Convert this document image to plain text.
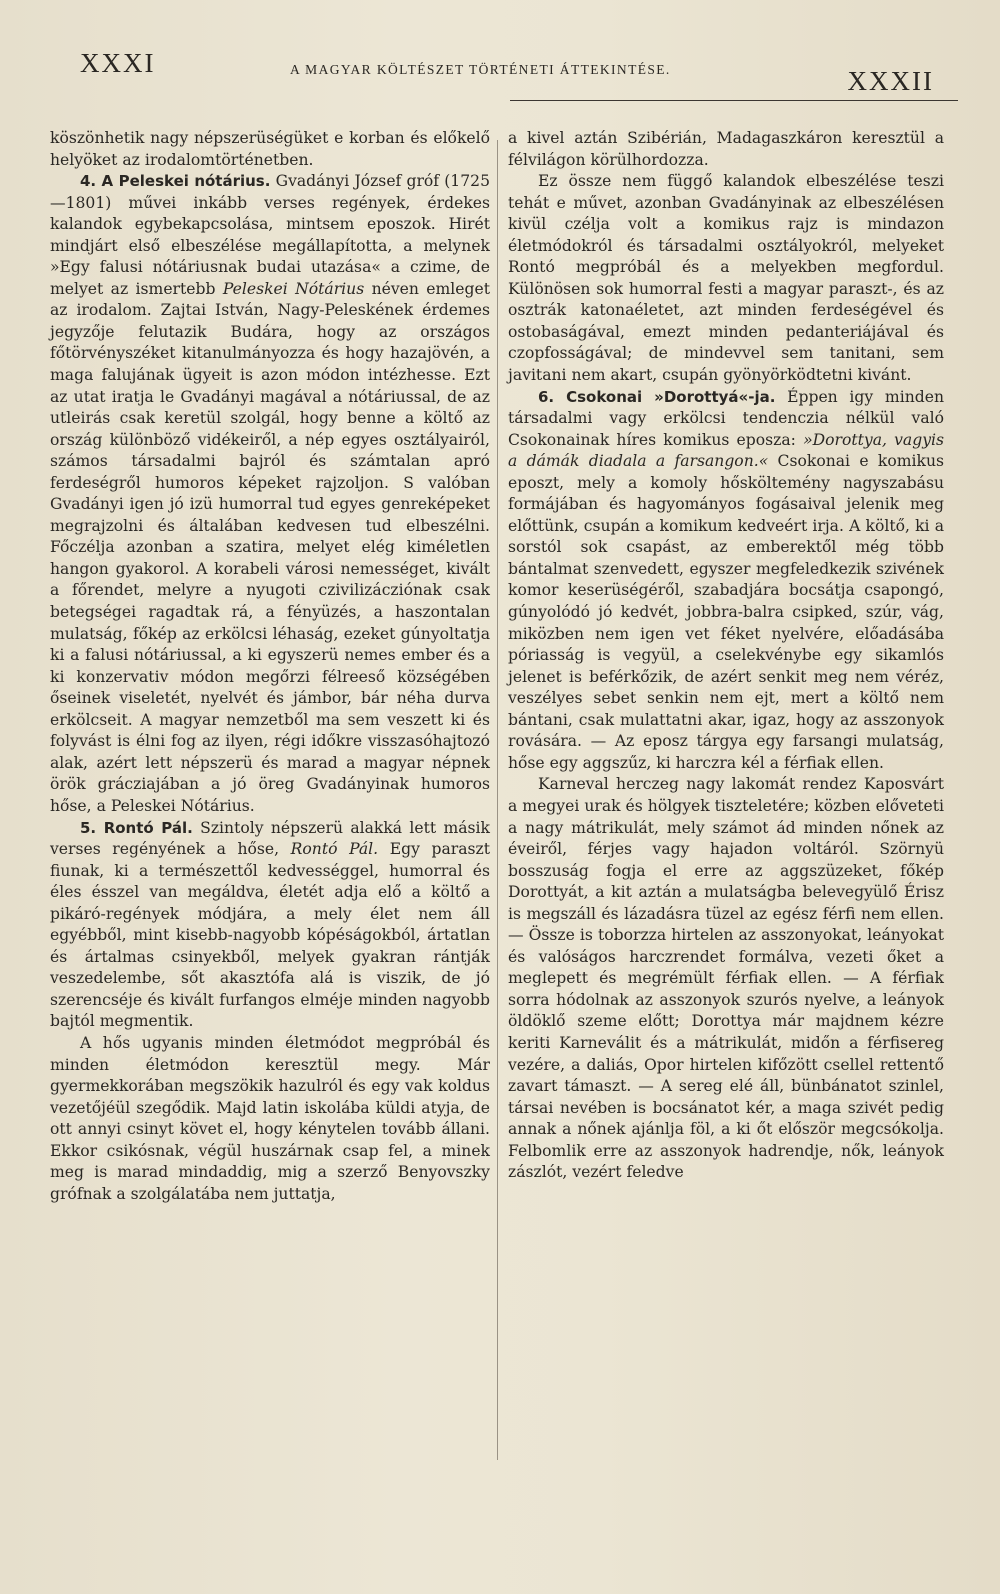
XXXI	A MAGYAR KÖLTÉSZET TÖRTÉNETI ÁTTEKINTÉSE.	XXXII

köszönhetik nagy népszerüségüket e korban és előkelő helyöket az irodalomtörténetben.

4. A Peleskei nótárius. Gvadányi József gróf (1725—1801) művei inkább verses regények, érdekes kalandok egybekapcsolása, mintsem eposzok. Hirét mindjárt első elbeszélése megállapította, a melynek »Egy falusi nótáriusnak budai utazása« a czime, de melyet az ismertebb Peleskei Nótárius néven emleget az irodalom. Zajtai István, Nagy-Peleskének érdemes jegyzője felutazik Budára, hogy az országos főtörvényszéket kitanulmányozza és hogy hazajövén, a maga falujának ügyeit is azon módon intézhesse. Ezt az utat iratja le Gvadányi magával a nótáriussal, de az utleirás csak keretül szolgál, hogy benne a költő az ország különböző vidékeiről, a nép egyes osztályairól, számos társadalmi bajról és számtalan apró ferdeségről humoros képeket rajzoljon. S valóban Gvadányi igen jó izü humorral tud egyes genreképeket megrajzolni és általában kedvesen tud elbeszélni. Főczélja azonban a szatira, melyet elég kiméletlen hangon gyakorol. A korabeli városi nemességet, kivált a főrendet, melyre a nyugoti czivilizácziónak csak betegségei ragadtak rá, a fényüzés, a haszontalan mulatság, főkép az erkölcsi léhaság, ezeket gúnyoltatja ki a falusi nótáriussal, a ki egyszerü nemes ember és a ki konzervativ módon megőrzi félreeső községében őseinek viseletét, nyelvét és jámbor, bár néha durva erkölcseit. A magyar nemzetből ma sem veszett ki és folyvást is élni fog az ilyen, régi időkre visszasóhajtozó alak, azért lett népszerü és marad a magyar népnek örök grácziajában a jó öreg Gvadányinak humoros hőse, a Peleskei Nótárius.

5. Rontó Pál. Szintoly népszerü alakká lett másik verses regényének a hőse, Rontó Pál. Egy paraszt fiunak, ki a természettől kedvességgel, humorral és éles ésszel van megáldva, életét adja elő a költő a pikáró-regények módjára, a mely élet nem áll egyébből, mint kisebb-nagyobb kópéságokból, ártatlan és ártalmas csinyekből, melyek gyakran rántják veszedelembe, sőt akasztófa alá is viszik, de jó szerencséje és kivált furfangos elméje minden nagyobb bajtól megmentik.

A hős ugyanis minden életmódot megpróbál és minden életmódon keresztül megy. Már gyermekkorában megszökik hazulról és egy vak koldus vezetőjéül szegődik. Majd latin iskolába küldi atyja, de ott annyi csinyt követ el, hogy kénytelen tovább állani. Ekkor csikósnak, végül huszárnak csap fel, a minek meg is marad mindaddig, mig a szerző Benyovszky grófnak a szolgálatába nem juttatja,

a kivel aztán Szibérián, Madagaszkáron keresztül a félvilágon körülhordozza.

Ez össze nem függő kalandok elbeszélése teszi tehát e művet, azonban Gvadányinak az elbeszélésen kivül czélja volt a komikus rajz is mindazon életmódokról és társadalmi osztályokról, melyeket Rontó megpróbál és a melyekben megfordul. Különösen sok humorral festi a magyar paraszt-, és az osztrák katonaéletet, azt minden ferdeségével és ostobaságával, emezt minden pedanteriájával és czopfosságával; de mindevvel sem tanitani, sem javitani nem akart, csupán gyönyörködtetni kivánt.

6. Csokonai »Dorottyá«-ja. Éppen igy minden társadalmi vagy erkölcsi tendenczia nélkül való Csokonainak híres komikus eposza: »Dorottya, vagyis a dámák diadala a farsangon.« Csokonai e komikus eposzt, mely a komoly hősköltemény nagyszabásu formájában és hagyományos fogásaival jelenik meg előttünk, csupán a komikum kedveért irja. A költő, ki a sorstól sok csapást, az emberektől még több bántalmat szenvedett, egyszer megfeledkezik szivének komor keserüségéről, szabadjára bocsátja csapongó, gúnyolódó jó kedvét, jobbra-balra csipked, szúr, vág, miközben nem igen vet féket nyelvére, előadásába póriasság is vegyül, a cselekvénybe egy sikamlós jelenet is beférkőzik, de azért senkit meg nem véréz, veszélyes sebet senkin nem ejt, mert a költő nem bántani, csak mulattatni akar, igaz, hogy az asszonyok rovására. — Az eposz tárgya egy farsangi mulatság, hőse egy aggszűz, ki harczra kél a férfiak ellen.

Karneval herczeg nagy lakomát rendez Kaposvárt a megyei urak és hölgyek tiszteletére; közben előveteti a nagy mátrikulát, mely számot ád minden nőnek az éveiről, férjes vagy hajadon voltáról. Szörnyü bosszuság fogja el erre az aggszüzeket, főkép Dorottyát, a kit aztán a mulatságba belevegyülő Érisz is megszáll és lázadásra tüzel az egész férfi nem ellen. — Össze is toborzza hirtelen az asszonyokat, leányokat és valóságos harczrendet formálva, vezeti őket a meglepett és megrémült férfiak ellen. — A férfiak sorra hódolnak az asszonyok szurós nyelve, a leányok öldöklő szeme előtt; Dorottya már majdnem kézre keriti Karneválit és a mátrikulát, midőn a férfisereg vezére, a daliás, Opor hirtelen kifőzött csellel rettentő zavart támaszt. — A sereg elé áll, bünbánatot szinlel, társai nevében is bocsánatot kér, a maga szivét pedig annak a nőnek ajánlja föl, a ki őt először megcsókolja. Felbomlik erre az asszonyok hadrendje, nők, leányok zászlót, vezért feledve
